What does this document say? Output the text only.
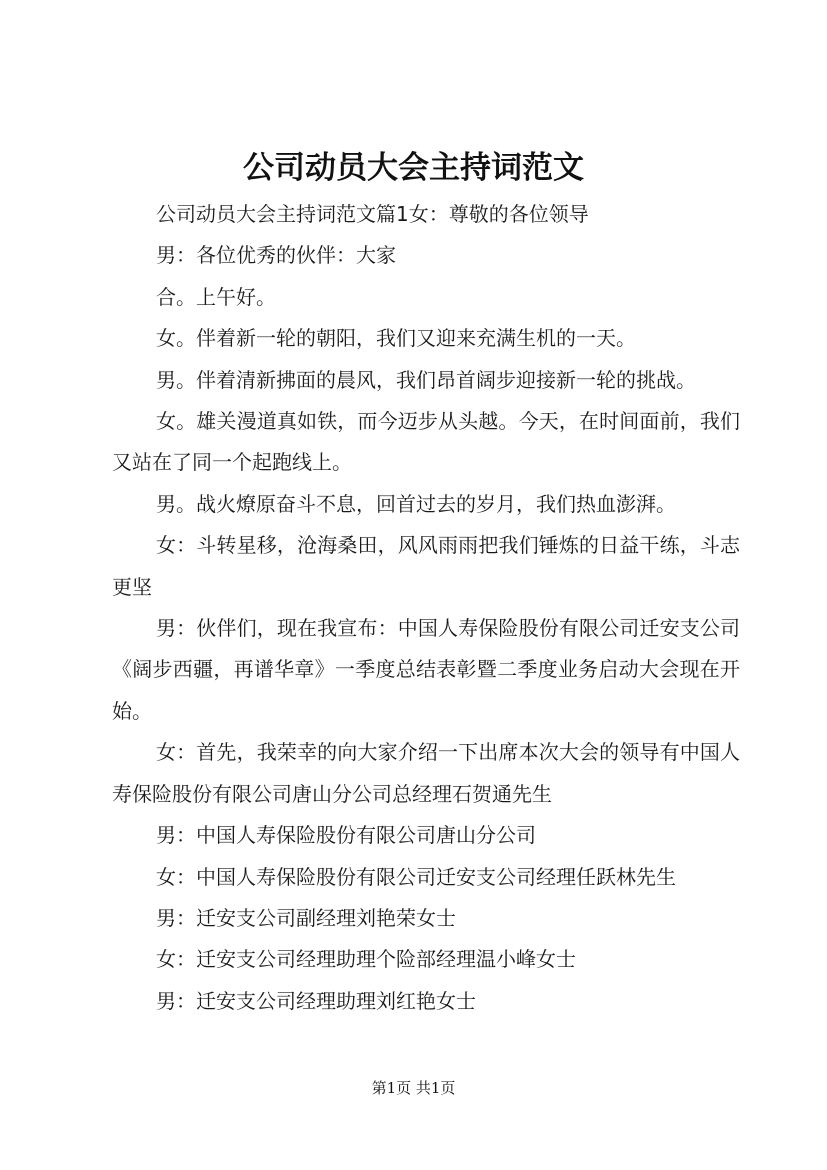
公司动员大会主持词范文

公司动员大会主持词范文篇1女：尊敬的各位领导

男：各位优秀的伙伴：大家

合。上午好。

女。伴着新一轮的朝阳，我们又迎来充满生机的一天。

男。伴着清新拂面的晨风，我们昂首阔步迎接新一轮的挑战。

女。雄关漫道真如铁，而今迈步从头越。今天，在时间面前，我们又站在了同一个起跑线上。

男。战火燎原奋斗不息，回首过去的岁月，我们热血澎湃。

女：斗转星移，沧海桑田，风风雨雨把我们锤炼的日益干练，斗志更坚

男：伙伴们，现在我宣布：中国人寿保险股份有限公司迁安支公司《阔步西疆，再谱华章》一季度总结表彰暨二季度业务启动大会现在开始。

女：首先，我荣幸的向大家介绍一下出席本次大会的领导有中国人寿保险股份有限公司唐山分公司总经理石贺通先生

男：中国人寿保险股份有限公司唐山分公司

女：中国人寿保险股份有限公司迁安支公司经理任跃林先生

男：迁安支公司副经理刘艳荣女士

女：迁安支公司经理助理个险部经理温小峰女士

男：迁安支公司经理助理刘红艳女士

第1页 共1页
